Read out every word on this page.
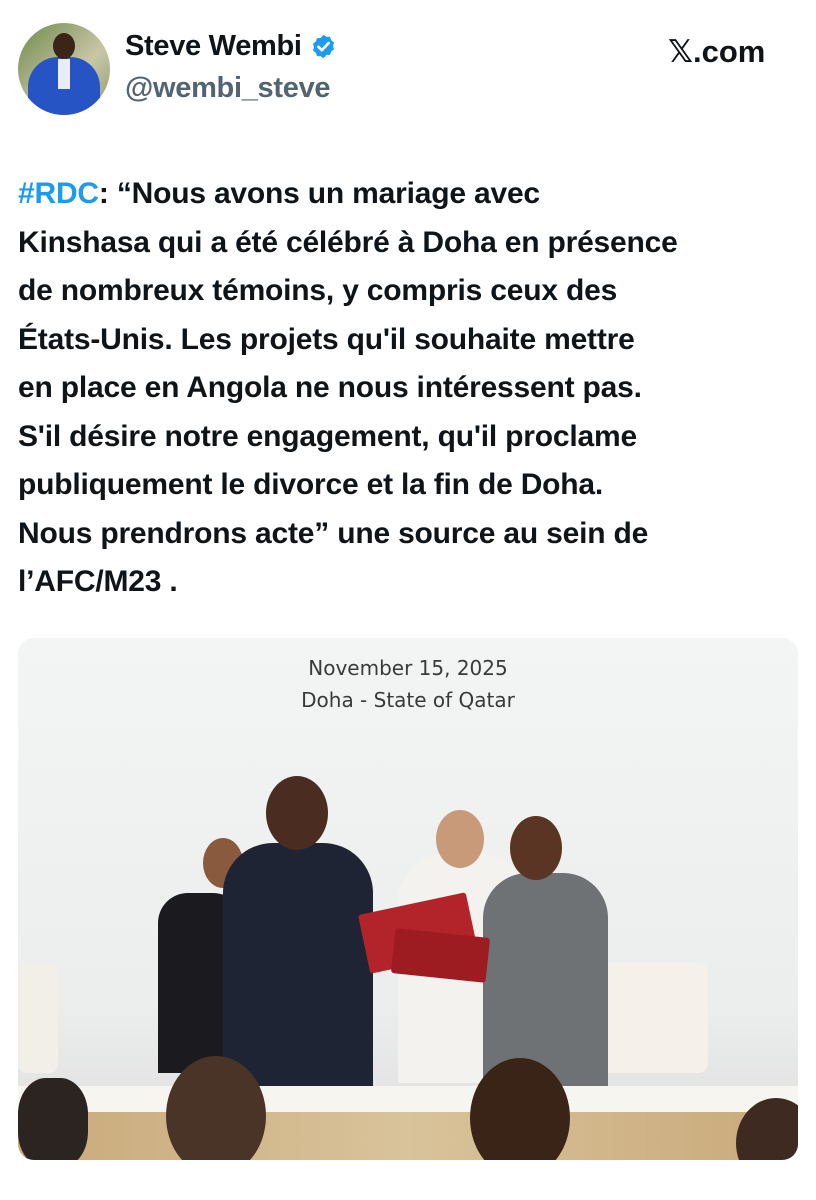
Steve Wembi
@wembi_steve
𝕏.com
#RDC: “Nous avons un mariage avec
Kinshasa qui a été célébré à Doha en présence
de nombreux témoins, y compris ceux des
États-Unis. Les projets qu'il souhaite mettre
en place en Angola ne nous intéressent pas.
S'il désire notre engagement, qu'il proclame
publiquement le divorce et la fin de Doha.
Nous prendrons acte” une source au sein de
l’AFC/M23 .
November 15, 2025
Doha - State of Qatar
